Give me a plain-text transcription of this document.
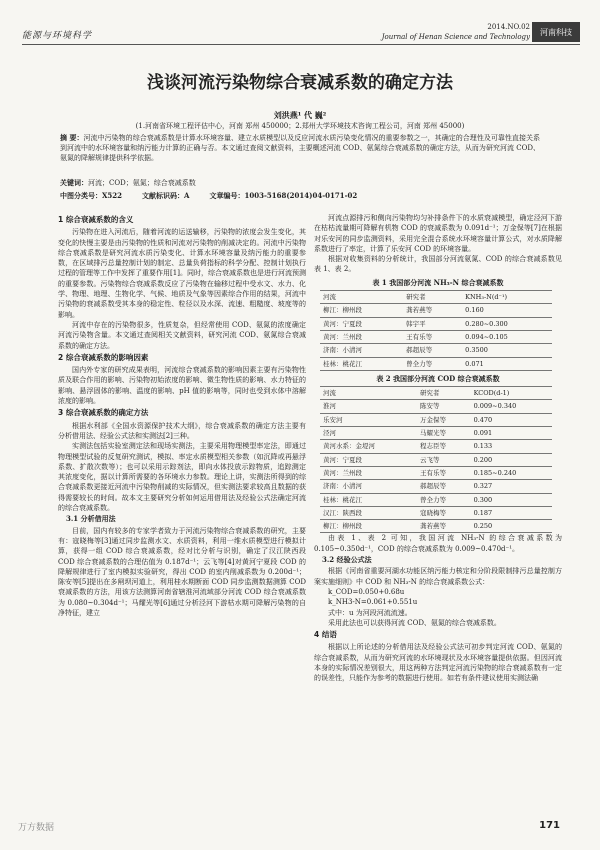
能源与环境科学
2014.NO.02
Journal of Henan Science and Technology
河南科技
浅谈河流污染物综合衰减系数的确定方法
刘洪燕¹ 代 巍²
(1.河南省环境工程评估中心，河南 郑州 450000；2.郑州大学环境技术咨询工程公司，河南 郑州 45000)
摘 要：河流中污染物的综合衰减系数是计算水环境容量、建立水质模型以及反应河流水质污染变化情况的重要参数之一，其确定的合理性及可靠性直接关系到河流中的水环境容量和纳污能力计算的正确与否。本文通过查阅文献资料，主要概述河流 COD、氨氮综合衰减系数的确定方法，从而为研究河流 COD、氨氮的降解规律提供科学依据。
关键词：河流；COD；氨氮；综合衰减系数
中图分类号：X522	文献标识码：A	文章编号：1003-5168(2014)04-0171-02
1 综合衰减系数的含义

污染物在进入河流后，随着河流的运送输移，污染物的浓度会发生变化，其变化的快慢主要是由污染物的性质和河流对污染物的削减决定的。河流中污染物综合衰减系数是研究河流水质污染变化、计算水环境容量及纳污能力的重要参数，在区域排污总量控制计划的制定、总量负荷指标的科学分配、控制计划执行过程的管理等工作中发挥了重要作用[1]。同时，综合衰减系数也是进行河流预测的重要参数。污染物综合衰减系数反应了污染物在输移过程中受水文、水力、化学、物理、地理、生物化学、气候、地质及气象等因素综合作用的结果，河流中污染物的衰减系数受其本身的稳定性、粒径以及水深、流速、粗糙度、坡度等的影响。

河流中存在的污染物很多，性质复杂，但经常使用 COD、氨氮的浓度确定河流污染物含量。本文通过查阅相关文献资料，研究河流 COD、氨氮综合衰减系数的确定方法。

2 综合衰减系数的影响因素

国内外专家的研究成果表明，河流综合衰减系数的影响因素主要有污染物性质及联合作用的影响、污染物初始浓度的影响、微生物性质的影响、水力特征的影响、悬浮固体的影响、温度的影响、pH 值的影响等，同时也受到水体中溶解浓度的影响。

3 综合衰减系数的确定方法

根据水利部《全国水资源保护技术大纲》，综合衰减系数的确定方法主要有分析借用法、经验公式法和实测法[2]三种。

实测法包括实验室测定法和现场实测法，主要采用物理模型率定法，即通过物理模型试验的反复研究测试，模拟、率定水质模型相关参数（如沉降或再悬浮系数、扩散次数等）；也可以采用示踪剂法，即向水体投放示踪物质，追踪测定其浓度变化，据以计算所需要的各环境水力参数。理论上讲，实测法所得到的综合衰减系数更接近河流中污染物削减的实际情况，但实测法要求较高且数据的获得需要较长的时间。故本文主要研究分析如何运用借用法及经验公式法确定河流的综合衰减系数。

3.1 分析借用法

目前，国内有较多的专家学者致力于河流污染物综合衰减系数的研究，主要有：寇晓梅等[3]通过同步监测水文、水质资料，利用一维水质模型进行模拟计算，获得一组 COD 综合衰减系数，经对比分析与识别，确定了汉江陕西段 COD 综合衰减系数的合理估值为 0.187d⁻¹；云飞等[4]对黄河宁夏段 COD 的降解规律进行了室内模拟实验研究，得出 COD 的室内削减系数为 0.200d⁻¹；陈安等[5]提出在多闸坝河道上，利用桂水期断面 COD 同步监测数据测算 COD 衰减系数的方法，用该方法测算河南省辖淮河流域部分河流 COD 综合衰减系数为 0.080~0.304d⁻¹；马耀光等[6]通过分析泾河下游枯水期可降解污染物的自净特征，建立

河流点源排污和侧向污染物均匀补排条件下的水质衰减模型，确定泾河下游在枯枯流量期可降解有机物 COD 的衰减系数为 0.091d⁻¹；万金保等[7]在根据对乐安河的同步监测资料，采用完全混合系统水环境容量计算公式，对水质降解系数进行了率定，计算了乐安河 COD 的环境容量。

根据对收集资料的分析统计，我国部分河流氨氮、COD 的综合衰减系数见表 1、表 2。

表 1 我国部分河流 NH₃-N 综合衰减系数
河流	研究者	KNH₃-N(d⁻¹)
柳江：柳州段	龚若燕等	0.160
黄河：宁夏段	韩宇平	0.280~0.300
黄河：兰州段	王有乐等	0.094~0.105
济南：小清河	郝超辰等	0.3500
桂林：桃花江	曾全力等	0.071
表 2 我国部分河流 COD 综合衰减系数
河流	研究者	KCOD(d-1)
淮河	陈安等	0.009~0.340
乐安河	万金保等	0.470
泾河	马耀光等	0.091
黄河水系：金堤河	程志臣等	0.133
黄河：宁夏段	云飞等	0.200
黄河：兰州段	王有乐等	0.185~0.240
济南：小清河	郝超辰等	0.327
桂林：桃花江	曾全力等	0.300
汉江：陕西段	寇晓梅等	0.187
柳江：柳州段	龚若燕等	0.250

由表 1、表 2 可知，我国河流 NH₃-N 的综合衰减系数为 0.105~0.350d⁻¹，COD 的综合衰减系数为 0.009~0.470d⁻¹。

3.2 经验公式法

根据《河南省重要河湖水功能区纳污能力核定和分阶段限制排污总量控制方案实施细则》中 COD 和 NH₃-N 的综合衰减系数公式：

k_COD=0.050+0.68u
k_NH3-N=0.061+0.551u
式中：u 为河段河流流速。

采用此法也可以获得河流 COD、氨氮的综合衰减系数。

4 结语

根据以上所论述的分析借用法及经验公式法可初步判定河流 COD、氨氮的综合衰减系数，从而为研究河流的水环境现状及水环境容量提供依据。但因河流本身的实际情况差别很大，用这两种方法判定河流污染物的综合衰减系数有一定的误差性，只能作为参考的数据进行使用。如若有条件建议使用实测法确

万方数据	171
